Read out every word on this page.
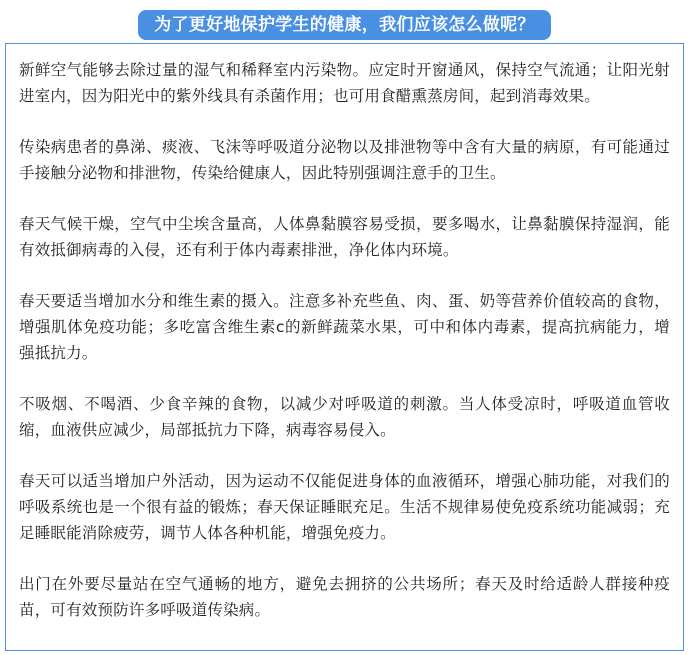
为了更好地保护学生的健康，我们应该怎么做呢？

新鲜空气能够去除过量的湿气和稀释室内污染物。应定时开窗通风，保持空气流通；让阳光射进室内，因为阳光中的紫外线具有杀菌作用；也可用食醋熏蒸房间，起到消毒效果。

传染病患者的鼻涕、痰液、飞沫等呼吸道分泌物以及排泄物等中含有大量的病原，有可能通过手接触分泌物和排泄物，传染给健康人，因此特别强调注意手的卫生。

春天气候干燥，空气中尘埃含量高，人体鼻黏膜容易受损，要多喝水，让鼻黏膜保持湿润，能有效抵御病毒的入侵，还有利于体内毒素排泄，净化体内环境。

春天要适当增加水分和维生素的摄入。注意多补充些鱼、肉、蛋、奶等营养价值较高的食物，增强肌体免疫功能；多吃富含维生素c的新鲜蔬菜水果，可中和体内毒素，提高抗病能力，增强抵抗力。

不吸烟、不喝酒、少食辛辣的食物，以减少对呼吸道的刺激。当人体受凉时，呼吸道血管收缩，血液供应减少，局部抵抗力下降，病毒容易侵入。

春天可以适当增加户外活动，因为运动不仅能促进身体的血液循环，增强心肺功能，对我们的呼吸系统也是一个很有益的锻炼；春天保证睡眠充足。生活不规律易使免疫系统功能减弱；充足睡眠能消除疲劳，调节人体各种机能，增强免疫力。

出门在外要尽量站在空气通畅的地方，避免去拥挤的公共场所；春天及时给适龄人群接种疫苗，可有效预防许多呼吸道传染病。
